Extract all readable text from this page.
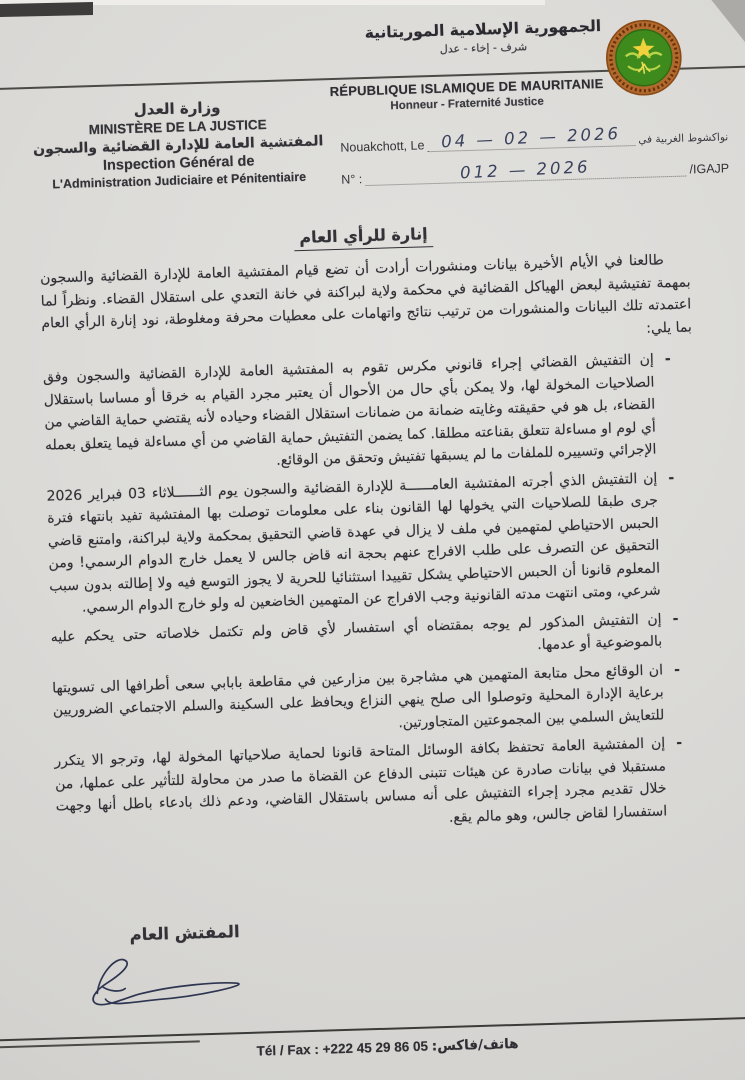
الجمهورية الإسلامية الموريتانية
شرف - إخاء - عدل
RÉPUBLIQUE ISLAMIQUE DE MAURITANIE
Honneur - Fraternité Justice
وزارة العدل
MINISTÈRE DE LA JUSTICE
المفتشية العامة للإدارة القضائية والسجون
Inspection Général de
L'Administration Judiciaire et Pénitentiaire
Nouakchott, Le 04 — 02 — 2026	نواكشوط الغربية في
N° :	012 — 2026	/IGAJP
إنارة للرأي العام

طالعنا في الأيام الأخيرة بيانات ومنشورات أرادت أن تضع قيام المفتشية العامة للإدارة القضائية والسجون بمهمة تفتيشية لبعض الهياكل القضائية في محكمة ولاية لبراكنة في خانة التعدي على استقلال القضاء. ونظراً لما اعتمدته تلك البيانات والمنشورات من ترتيب نتائج واتهامات على معطيات محرفة ومغلوطة، نود إنارة الرأي العام بما يلي:

-

إن التفتيش القضائي إجراء قانوني مكرس تقوم به المفتشية العامة للإدارة القضائية والسجون وفق الصلاحيات المخولة لها، ولا يمكن بأي حال من الأحوال أن يعتبر مجرد القيام به خرقا أو مساسا باستقلال القضاء، بل هو في حقيقته وغايته ضمانة من ضمانات استقلال القضاء وحياده لأنه يقتضي حماية القاضي من أي لوم او مساءلة تتعلق بقناعته مطلقا. كما يضمن التفتيش حماية القاضي من أي مساءلة فيما يتعلق بعمله الإجرائي وتسييره للملفات ما لم يسبقها تفتيش وتحقق من الوقائع.

-

إن التفتيش الذي أجرته المفتشية العامــــــة للإدارة القضائية والسجون يوم الثــــــلاثاء 03 فبراير 2026 جرى طبقا للصلاحيات التي يخولها لها القانون بناء على معلومات توصلت بها المفتشية تفيد بانتهاء فترة الحبس الاحتياطي لمتهمين في ملف لا يزال في عهدة قاضي التحقيق بمحكمة ولاية لبراكنة، وامتنع قاضي التحقيق عن التصرف على طلب الافراج عنهم بحجة انه قاض جالس لا يعمل خارج الدوام الرسمي! ومن المعلوم قانونا أن الحبس الاحتياطي يشكل تقييدا استثنائيا للحرية لا يجوز التوسع فيه ولا إطالته بدون سبب شرعي، ومتى انتهت مدته القانونية وجب الافراج عن المتهمين الخاضعين له ولو خارج الدوام الرسمي.

-

إن التفتيش المذكور لم يوجه بمقتضاه أي استفسار لأي قاض ولم تكتمل خلاصاته حتى يحكم عليه بالموضوعية أو عدمها.

-

ان الوقائع محل متابعة المتهمين هي مشاجرة بين مزارعين في مقاطعة بابابي سعى أطرافها الى تسويتها برعاية الإدارة المحلية وتوصلوا الى صلح ينهي النزاع ويحافظ على السكينة والسلم الاجتماعي الضروريين للتعايش السلمي بين المجموعتين المتجاورتين.

-

إن المفتشية العامة تحتفظ بكافة الوسائل المتاحة قانونا لحماية صلاحياتها المخولة لها، وترجو الا يتكرر مستقبلا في بيانات صادرة عن هيئات تتبنى الدفاع عن القضاة ما صدر من محاولة للتأثير على عملها، من خلال تقديم مجرد إجراء التفتيش على أنه مساس باستقلال القاضي، ودعم ذلك بادعاء باطل أنها وجهت استفسارا لقاض جالس، وهو مالم يقع.

المفتش العام
Tél / Fax : +222 45 29 86 05 هاتف/فاكس:
